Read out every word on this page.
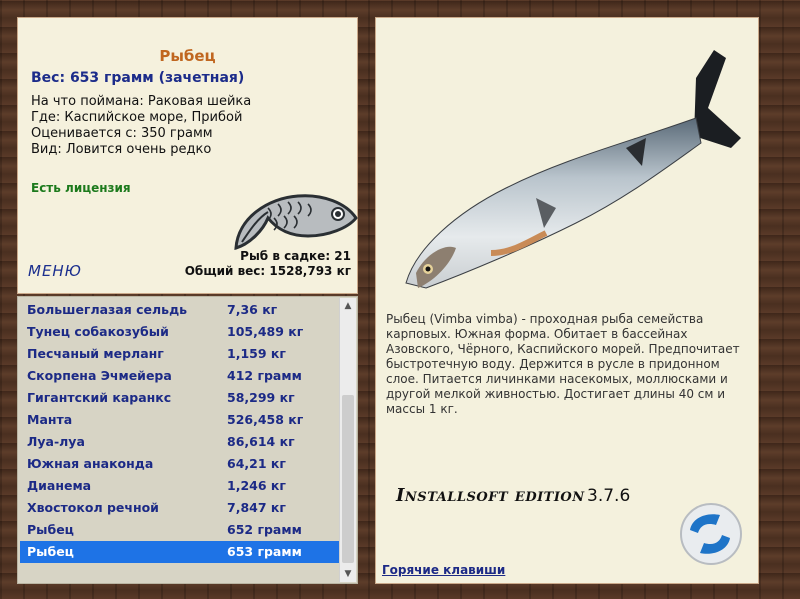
Рыбец
Вес: 653 грамм (зачетная)
На что поймана: Раковая шейка
Где: Каспийское море, Прибой
Оценивается с: 350 грамм
Вид: Ловится очень редко
Есть лицензия
Рыб в садке: 21
Общий вес: 1528,793 кг
МЕНЮ
Большеглазая сельдь	7,36 кг
Тунец собакозубый	105,489 кг
Песчаный мерланг	1,159 кг
Скорпена Эчмейера	412 грамм
Гигантский каранкс	58,299 кг
Манта	526,458 кг
Луа-луа	86,614 кг
Южная анаконда	64,21 кг
Дианема	1,246 кг
Хвостокол речной	7,847 кг
Рыбец	652 грамм
Рыбец	653 грамм
▲
▼
Рыбец (Vimba vimba) - проходная рыба семейства карповых. Южная форма. Обитает в бассейнах Азовского, Чёрного, Каспийского морей. Предпочитает быстротечную воду. Держится в русле в придонном слое. Питается личинками насекомых, моллюсками и другой мелкой живностью. Достигает длины 40 см и массы 1 кг.
Installsoft edition 3.7.6
Горячие клавиши
